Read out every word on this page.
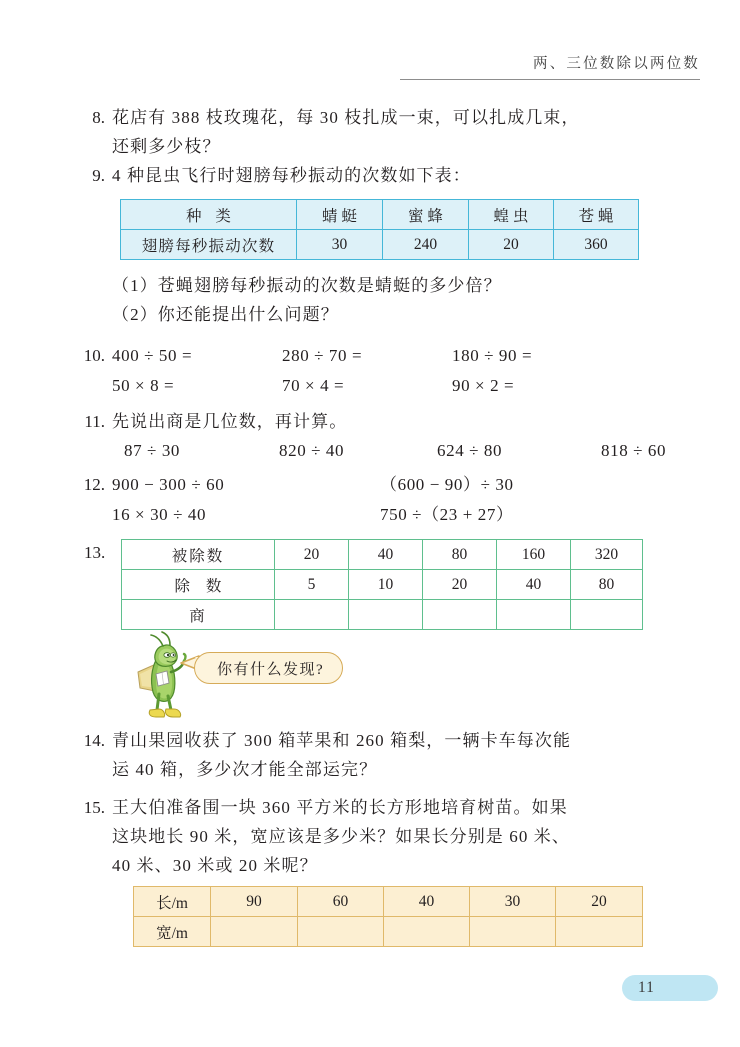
两、三位数除以两位数
8. 花店有 388 枝玫瑰花，每 30 枝扎成一束，可以扎成几束，
还剩多少枝？
9. 4 种昆虫飞行时翅膀每秒振动的次数如下表：
种 类	蜻 蜓	蜜 蜂	蝗 虫	苍 蝇
翅膀每秒振动次数	30	240	20	360
（1）苍蝇翅膀每秒振动的次数是蜻蜓的多少倍？
（2）你还能提出什么问题？
10. 400 ÷ 50 =	280 ÷ 70 =	180 ÷ 90 =
50 × 8 =	70 × 4 =	90 × 2 =
11. 先说出商是几位数，再计算。
87 ÷ 30	820 ÷ 40	624 ÷ 80	818 ÷ 60
12. 900 − 300 ÷ 60	（600 − 90）÷ 30
16 × 30 ÷ 40	750 ÷（23 + 27）
13.	被除数	20	40	80	160	320
除 数	5	10	20	40	80
商					
你有什么发现?
14. 青山果园收获了 300 箱苹果和 260 箱梨，一辆卡车每次能
运 40 箱，多少次才能全部运完？
15. 王大伯准备围一块 360 平方米的长方形地培育树苗。如果
这块地长 90 米，宽应该是多少米？如果长分别是 60 米、
40 米、30 米或 20 米呢？
长/m	90	60	40	30	20
宽/m					
11
